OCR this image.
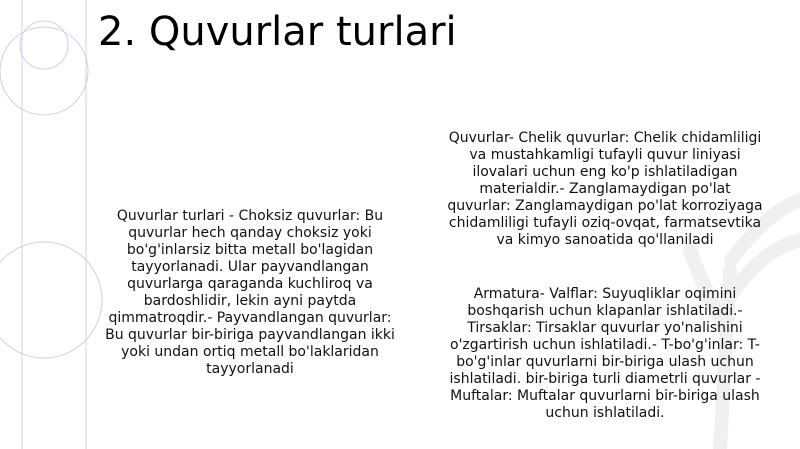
2. Quvurlar turlari
Quvurlar turlari - Choksiz quvurlar: Bu quvurlar hech qanday choksiz yoki bo'g'inlarsiz bitta metall bo'lagidan tayyorlanadi. Ular payvandlangan quvurlarga qaraganda kuchliroq va bardoshlidir, lekin ayni paytda qimmatroqdir.- Payvandlangan quvurlar: Bu quvurlar bir-biriga payvandlangan ikki yoki undan ortiq metall bo'laklaridan tayyorlanadi
Quvurlar- Chelik quvurlar: Chelik chidamliligi va mustahkamligi tufayli quvur liniyasi ilovalari uchun eng ko'p ishlatiladigan materialdir.- Zanglamaydigan po'lat quvurlar: Zanglamaydigan po'lat korroziyaga chidamliligi tufayli oziq-ovqat, farmatsevtika va kimyo sanoatida qo'llaniladi
Armatura- Valflar: Suyuqliklar oqimini boshqarish uchun klapanlar ishlatiladi.- Tirsaklar: Tirsaklar quvurlar yo'nalishini o'zgartirish uchun ishlatiladi.- T-bo'g'inlar: T-bo'g'inlar quvurlarni bir-biriga ulash uchun ishlatiladi. bir-biriga turli diametrli quvurlar - Muftalar: Muftalar quvurlarni bir-biriga ulash uchun ishlatiladi.
